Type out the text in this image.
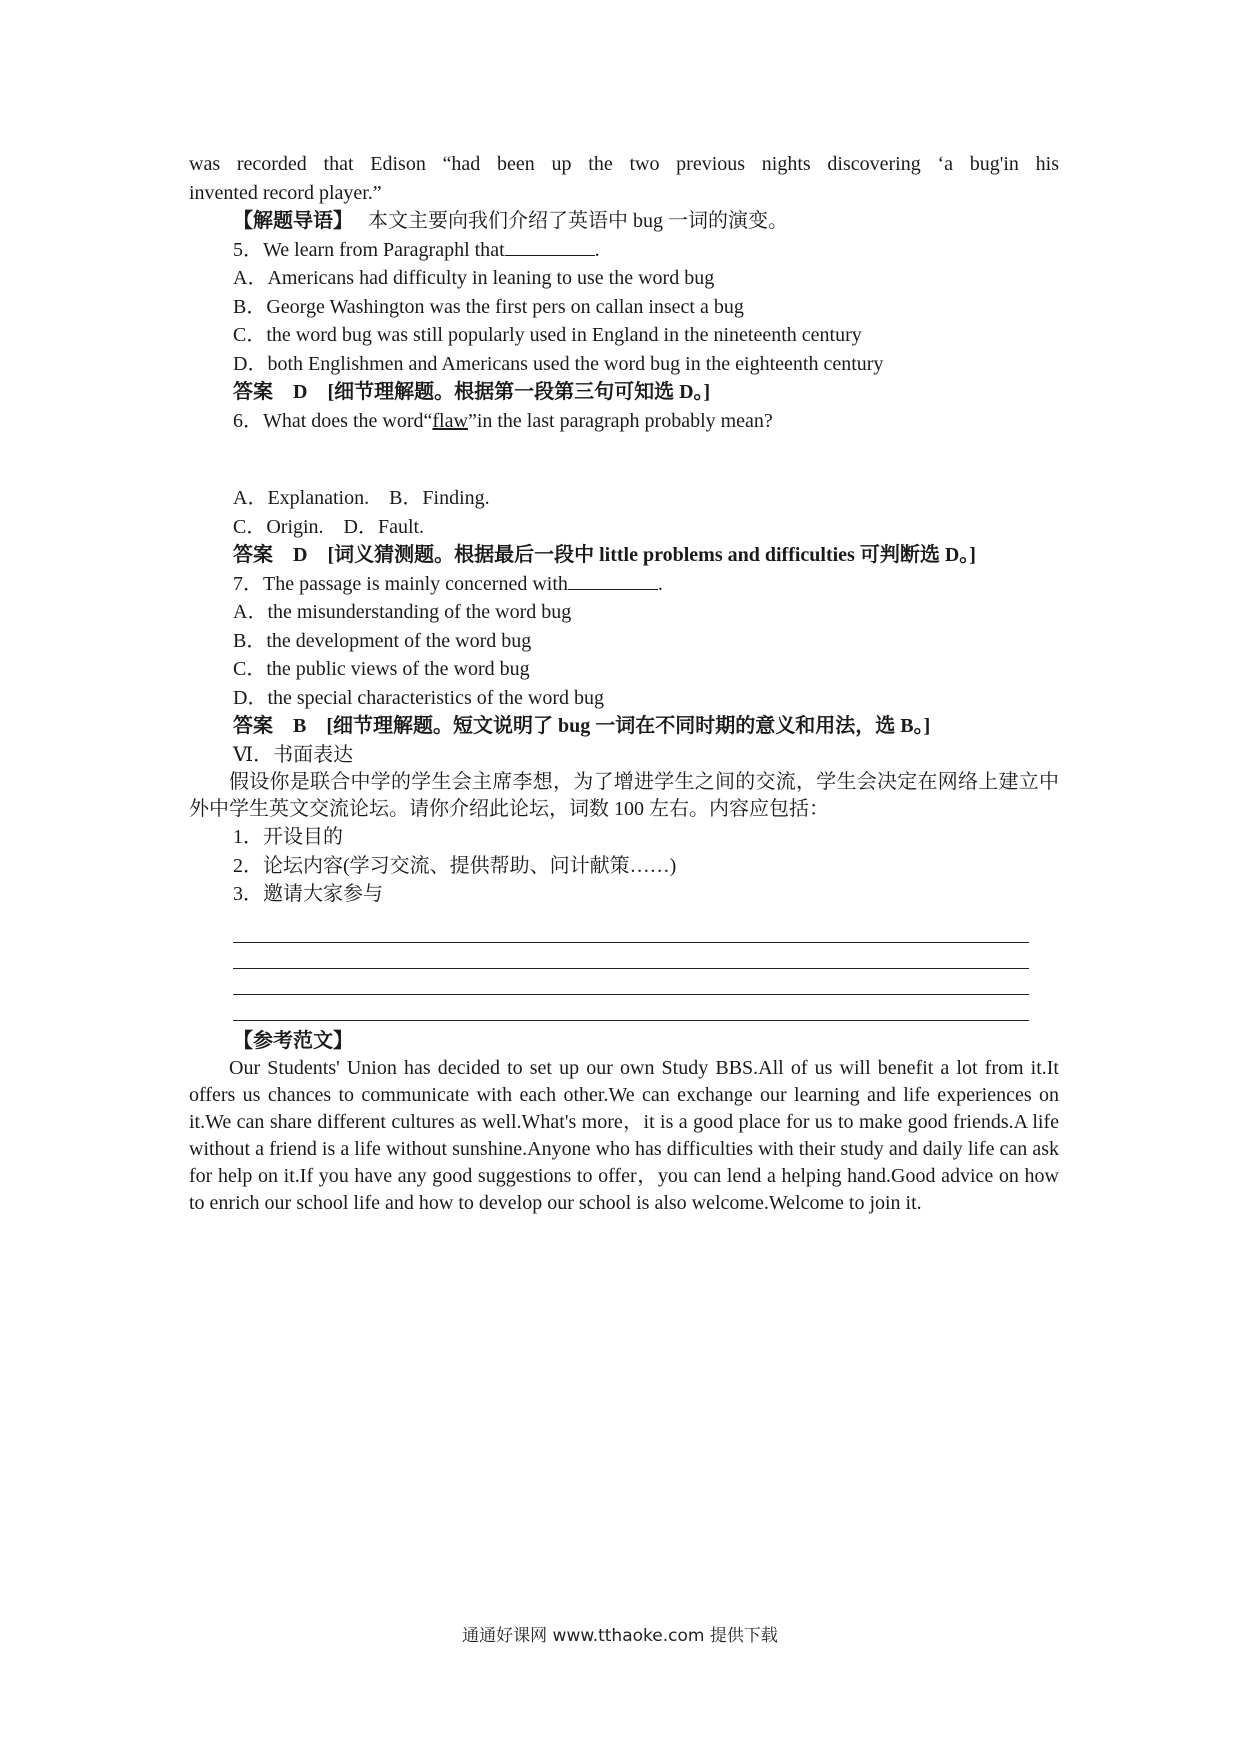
was recorded that Edison “had been up the two previous nights discovering ‘a bug'in his
invented record player.”
【解题导语】 本文主要向我们介绍了英语中 bug 一词的演变。
5．We learn from Paragraphl that	.
A．Americans had difficulty in leaning to use the word bug
B．George Washington was the first pers on callan insect a bug
C．the word bug was still popularly used in England in the nineteenth century
D．both Englishmen and Americans used the word bug in the eighteenth century
答案　D　[细节理解题。根据第一段第三句可知选 D。]
6．What does the word“flaw”in the last paragraph probably mean?
A．Explanation.　B．Finding.
C．Origin.　D．Fault.
答案　D　[词义猜测题。根据最后一段中 little problems and difficulties 可判断选 D。]
7．The passage is mainly concerned with	.
A．the misunderstanding of the word bug
B．the development of the word bug
C．the public views of the word bug
D．the special characteristics of the word bug
答案　B　[细节理解题。短文说明了 bug 一词在不同时期的意义和用法，选 B。]
Ⅵ．书面表达
假设你是联合中学的学生会主席李想，为了增进学生之间的交流，学生会决定在网络上建立中外中学生英文交流论坛。请你介绍此论坛，词数 100 左右。内容应包括：
1．开设目的
2．论坛内容(学习交流、提供帮助、问计献策……)
3．邀请大家参与
【参考范文】
Our Students' Union has decided to set up our own Study BBS.All of us will benefit a lot from it.It offers us chances to communicate with each other.We can exchange our learning and life experiences on it.We can share different cultures as well.What's more，it is a good place for us to make good friends.A life without a friend is a life without sunshine.Anyone who has difficulties with their study and daily life can ask for help on it.If you have any good suggestions to offer，you can lend a helping hand.Good advice on how to enrich our school life and how to develop our school is also welcome.Welcome to join it.
通通好课网 www.tthaoke.com 提供下载
